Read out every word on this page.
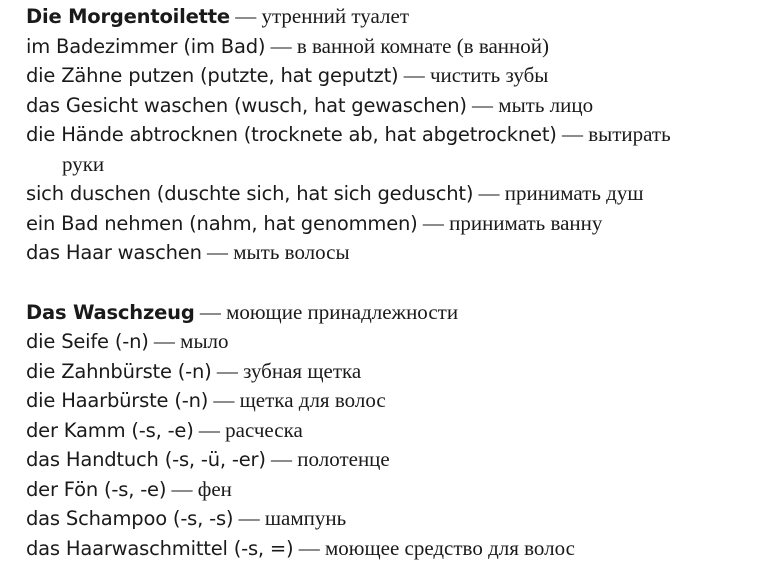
Die Morgentoilette — утренний туалет

im Badezimmer (im Bad) — в ванной комнате (в ванной)

die Zähne putzen (putzte, hat geputzt) — чистить зубы

das Gesicht waschen (wusch, hat gewaschen) — мыть лицо

die Hände abtrocknen (trocknete ab, hat abgetrocknet) — вытирать
руки

sich duschen (duschte sich, hat sich geduscht) — принимать душ

ein Bad nehmen (nahm, hat genommen) — принимать ванну

das Haar waschen — мыть волосы

Das Waschzeug — моющие принадлежности

die Seife (-n) — мыло

die Zahnbürste (-n) — зубная щетка

die Haarbürste (-n) — щетка для волос

der Kamm (-s, -e) — расческа

das Handtuch (-s, -ü, -er) — полотенце

der Fön (-s, -e) — фен

das Schampoo (-s, -s) — шампунь

das Haarwaschmittel (-s, =) — моющее средство для волос
